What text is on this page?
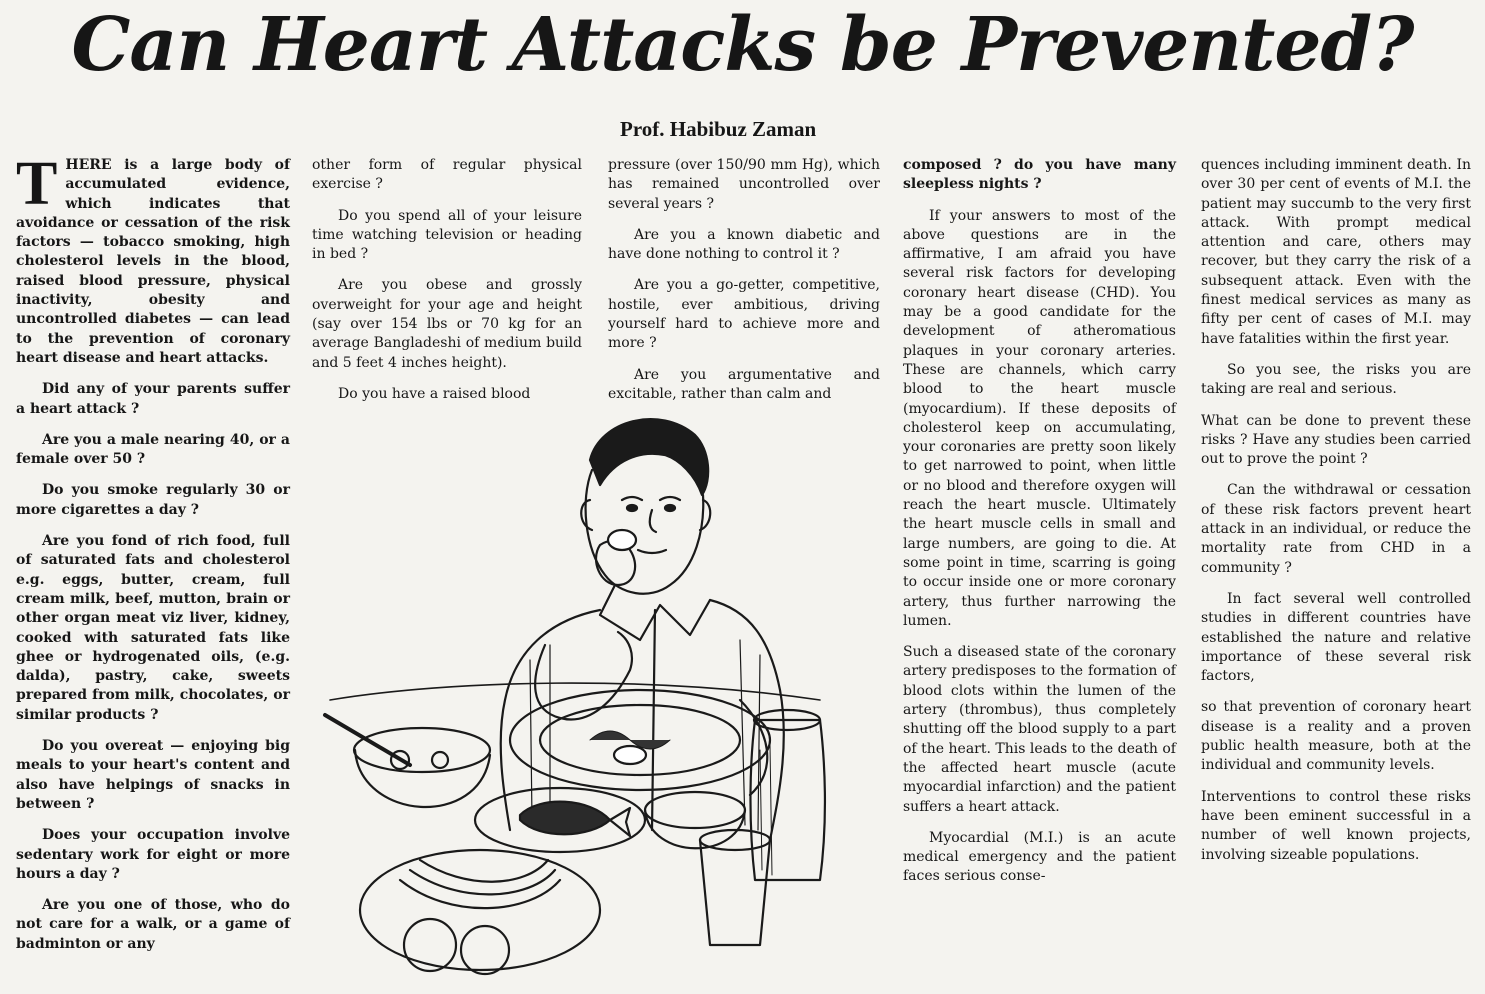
Can Heart Attacks be Prevented?
Prof. Habibuz Zaman

THERE is a large body of accumulated evidence, which indicates that avoidance or cessation of the risk factors — tobacco smoking, high cholesterol levels in the blood, raised blood pressure, physical inactivity, obesity and uncontrolled diabetes — can lead to the prevention of coronary heart disease and heart attacks.

Did any of your parents suffer a heart attack ?

Are you a male nearing 40, or a female over 50 ?

Do you smoke regularly 30 or more cigarettes a day ?

Are you fond of rich food, full of saturated fats and cholesterol e.g. eggs, butter, cream, full cream milk, beef, mutton, brain or other organ meat viz liver, kidney, cooked with saturated fats like ghee or hydrogenated oils, (e.g. dalda), pastry, cake, sweets prepared from milk, chocolates, or similar products ?

Do you overeat — enjoying big meals to your heart's content and also have helpings of snacks in between ?

Does your occupation involve sedentary work for eight or more hours a day ?

Are you one of those, who do not care for a walk, or a game of badminton or any

other form of regular physical exercise ?

Do you spend all of your leisure time watching television or heading in bed ?

Are you obese and grossly overweight for your age and height (say over 154 lbs or 70 kg for an average Bangladeshi of medium build and 5 feet 4 inches height).

Do you have a raised blood

pressure (over 150/90 mm Hg), which has remained uncontrolled over several years ?

Are you a known diabetic and have done nothing to control it ?

Are you a go-getter, competitive, hostile, ever ambitious, driving yourself hard to achieve more and more ?

Are you argumentative and excitable, rather than calm and

composed ? do you have many sleepless nights ?

If your answers to most of the above questions are in the affirmative, I am afraid you have several risk factors for developing coronary heart disease (CHD). You may be a good candidate for the development of atheromatious plaques in your coronary arteries. These are channels, which carry blood to the heart muscle (myocardium). If these deposits of cholesterol keep on accumulating, your coronaries are pretty soon likely to get narrowed to point, when little or no blood and therefore oxygen will reach the heart muscle. Ultimately the heart muscle cells in small and large numbers, are going to die. At some point in time, scarring is going to occur inside one or more coronary artery, thus further narrowing the lumen.

Such a diseased state of the coronary artery predisposes to the formation of blood clots within the lumen of the artery (thrombus), thus completely shutting off the blood supply to a part of the heart. This leads to the death of the affected heart muscle (acute myocardial infarction) and the patient suffers a heart attack.

Myocardial (M.I.) is an acute medical emergency and the patient faces serious conse-

quences including imminent death. In over 30 per cent of events of M.I. the patient may succumb to the very first attack. With prompt medical attention and care, others may recover, but they carry the risk of a subsequent attack. Even with the finest medical services as many as fifty per cent of cases of M.I. may have fatalities within the first year.

So you see, the risks you are taking are real and serious.

What can be done to prevent these risks ? Have any studies been carried out to prove the point ?

Can the withdrawal or cessation of these risk factors prevent heart attack in an individual, or reduce the mortality rate from CHD in a community ?

In fact several well controlled studies in different countries have established the nature and relative importance of these several risk factors,

so that prevention of coronary heart disease is a reality and a proven public health measure, both at the individual and community levels.

Interventions to control these risks have been eminent successful in a number of well known projects, involving sizeable populations.
